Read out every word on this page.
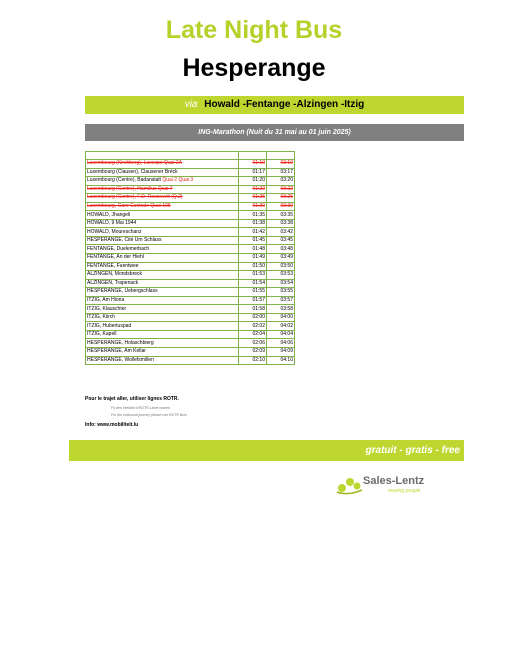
Late Night Bus
Hesperange
via Howald -Fentange -Alzingen -Itzig
ING-Marathon (Nuit du 31 mai au 01 juin 2025)

Luxembourg (Kirchberg), Luxexpo Quai 2A	01:10	03:10
Luxembourg (Clausen), Clausener Bréck	01:17	03:17
Luxembourg (Centre), Badanstalt Quai 2 Quai 3	01:20	03:20
Luxembourg (Centre), Hamilius Quai 7	01:22	03:22
Luxembourg (Centre), F.D. Roosevelt (Q.2)	01:25	03:25
Luxembourg, Gare Centrale Quai 105	01:30	03:30
HOWALD, Jhangeli	01:35	03:35
HOWALD, 9 Mai 1944	01:38	03:38
HOWALD, Moureschanz	01:42	03:42
HESPERANGE, Cité Um Schlass	01:45	03:45
FENTANGE, Duelemerbach	01:48	03:48
FENTANGE, An der Hiehl	01:49	03:49
FENTANGE, Fuentwee	01:50	03:50
ALZINGEN, Mondsbreck	01:53	03:53
ALZINGEN, Trapenack	01:54	03:54
HESPERANGE, Uebergschlass	01:55	03:55
ITZIG, Am Hiona	01:57	03:57
ITZIG, Klauschter	01:58	03:58
ITZIG, Kiirch	02:00	04:00
ITZIG, Hubertuspad	02:02	04:02
ITZIG, Kapell	02:04	04:04
HESPERANGE, Holaschbierg	02:06	04:06
HESPERANGE, Am Kellar	02:09	04:09
HESPERANGE, Wollefsmillen	02:10	04:10
Pour le trajet aller, utiliser lignes ROTR.
Fir den Hiefahrt d'RGTR-Linne notzen
For the outbound journey please use RGTR lines
Info: www.mobiliteit.lu
gratuit - gratis - free
Sales-Lentz
moving people
